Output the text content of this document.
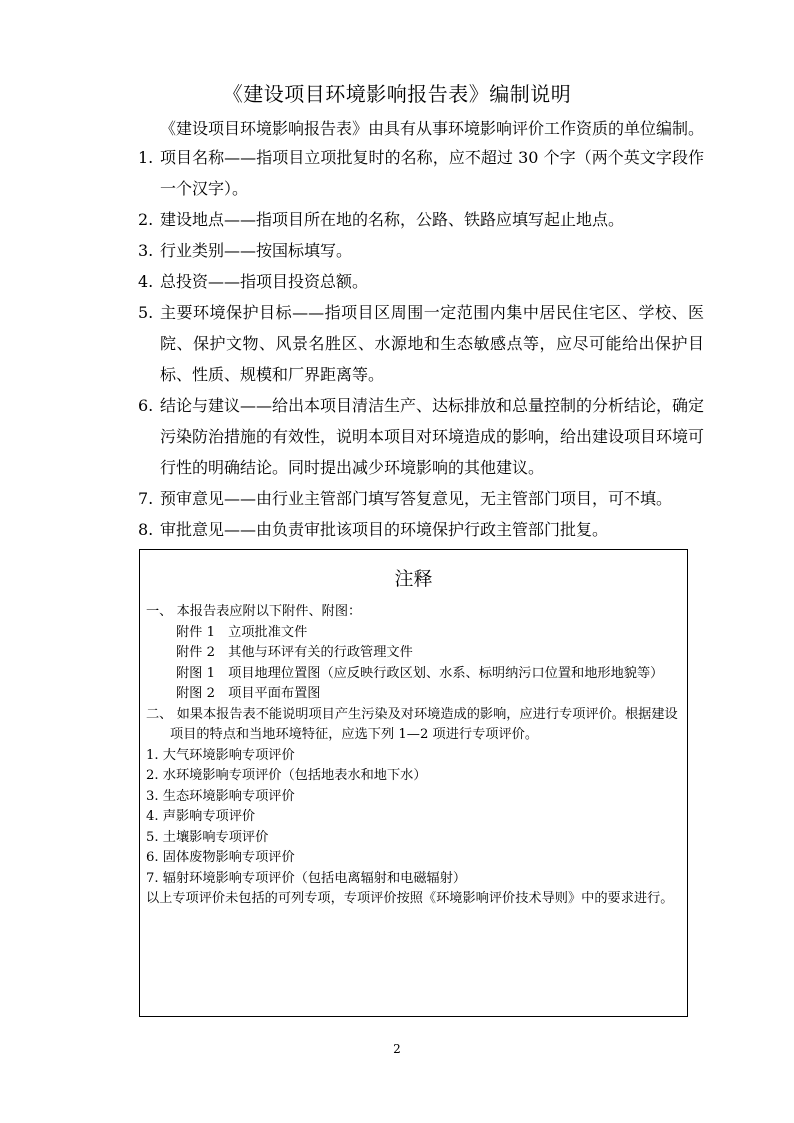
《建设项目环境影响报告表》编制说明
《建设项目环境影响报告表》由具有从事环境影响评价工作资质的单位编制。
1. 项目名称——指项目立项批复时的名称，应不超过 30 个字（两个英文字段作一个汉字）。
2. 建设地点——指项目所在地的名称，公路、铁路应填写起止地点。
3. 行业类别——按国标填写。
4. 总投资——指项目投资总额。
5. 主要环境保护目标——指项目区周围一定范围内集中居民住宅区、学校、医院、保护文物、风景名胜区、水源地和生态敏感点等，应尽可能给出保护目标、性质、规模和厂界距离等。
6. 结论与建议——给出本项目清洁生产、达标排放和总量控制的分析结论，确定污染防治措施的有效性，说明本项目对环境造成的影响，给出建设项目环境可行性的明确结论。同时提出减少环境影响的其他建议。
7. 预审意见——由行业主管部门填写答复意见，无主管部门项目，可不填。
8. 审批意见——由负责审批该项目的环境保护行政主管部门批复。
注释
一、 本报告表应附以下附件、附图：
附件 1　立项批准文件
附件 2　其他与环评有关的行政管理文件
附图 1　项目地理位置图（应反映行政区划、水系、标明纳污口位置和地形地貌等）
附图 2　项目平面布置图
二、 如果本报告表不能说明项目产生污染及对环境造成的影响，应进行专项评价。根据建设项目的特点和当地环境特征，应选下列 1—2 项进行专项评价。
1. 大气环境影响专项评价
2. 水环境影响专项评价（包括地表水和地下水）
3. 生态环境影响专项评价
4. 声影响专项评价
5. 土壤影响专项评价
6. 固体废物影响专项评价
7. 辐射环境影响专项评价（包括电离辐射和电磁辐射）
以上专项评价未包括的可列专项，专项评价按照《环境影响评价技术导则》中的要求进行。
2
